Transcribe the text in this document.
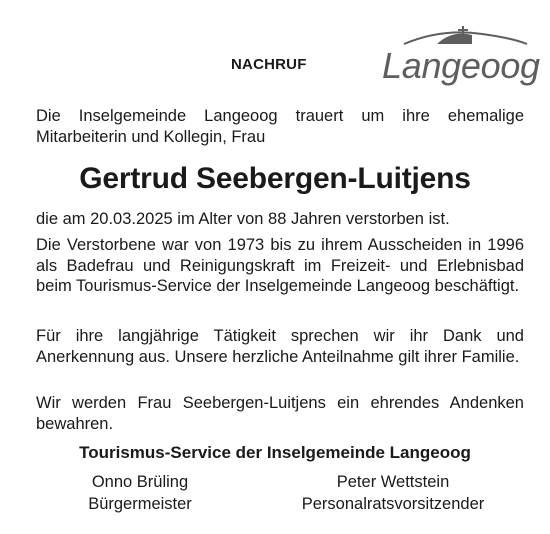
NACHRUF Langeoog
Die Inselgemeinde Langeoog trauert um ihre ehemalige Mitarbeiterin und Kollegin, Frau
Gertrud Seebergen-Luitjens
die am 20.03.2025 im Alter von 88 Jahren verstorben ist.
Die Verstorbene war von 1973 bis zu ihrem Ausscheiden in 1996 als Badefrau und Reinigungskraft im Freizeit- und Erlebnisbad beim Tourismus-Service der Inselgemeinde Langeoog beschäftigt.
Für ihre langjährige Tätigkeit sprechen wir ihr Dank und Anerkennung aus. Unsere herzliche Anteilnahme gilt ihrer Familie.
Wir werden Frau Seebergen-Luitjens ein ehrendes Andenken bewahren.
Tourismus-Service der Inselgemeinde Langeoog
Onno Brüling
Bürgermeister
Peter Wettstein
Personalratsvorsitzender
